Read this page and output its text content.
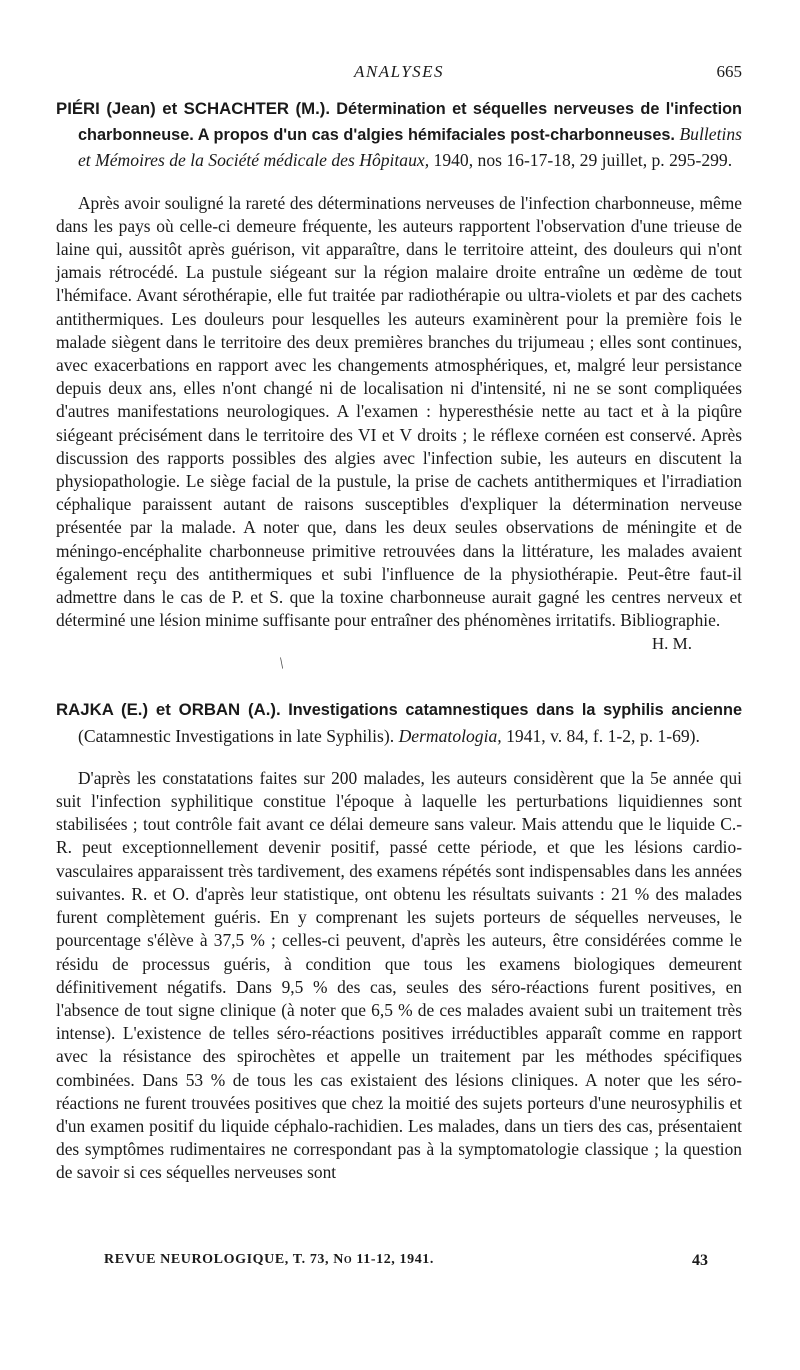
ANALYSES	665
PIÉRI (Jean) et SCHACHTER (M.). Détermination et séquelles nerveuses de l'infection charbonneuse. A propos d'un cas d'algies hémifaciales post-charbonneuses. Bulletins et Mémoires de la Société médicale des Hôpitaux, 1940, nos 16-17-18, 29 juillet, p. 295-299.

Après avoir souligné la rareté des déterminations nerveuses de l'infection charbonneuse, même dans les pays où celle-ci demeure fréquente, les auteurs rapportent l'observation d'une trieuse de laine qui, aussitôt après guérison, vit apparaître, dans le territoire atteint, des douleurs qui n'ont jamais rétrocédé. La pustule siégeant sur la région malaire droite entraîne un œdème de tout l'hémiface. Avant sérothérapie, elle fut traitée par radiothérapie ou ultra-violets et par des cachets antithermiques. Les douleurs pour lesquelles les auteurs examinèrent pour la première fois le malade siègent dans le territoire des deux premières branches du trijumeau ; elles sont continues, avec exacerbations en rapport avec les changements atmosphériques, et, malgré leur persistance depuis deux ans, elles n'ont changé ni de localisation ni d'intensité, ni ne se sont compliquées d'autres manifestations neurologiques. A l'examen : hyperesthésie nette au tact et à la piqûre siégeant précisément dans le territoire des VI et V droits ; le réflexe cornéen est conservé. Après discussion des rapports possibles des algies avec l'infection subie, les auteurs en discutent la physiopathologie. Le siège facial de la pustule, la prise de cachets antithermiques et l'irradiation céphalique paraissent autant de raisons susceptibles d'expliquer la détermination nerveuse présentée par la malade. A noter que, dans les deux seules observations de méningite et de méningo-encéphalite charbonneuse primitive retrouvées dans la littérature, les malades avaient également reçu des antithermiques et subi l'influence de la physiothérapie. Peut-être faut-il admettre dans le cas de P. et S. que la toxine charbonneuse aurait gagné les centres nerveux et déterminé une lésion minime suffisante pour entraîner des phénomènes irritatifs. Bibliographie.

H. M.
/
RAJKA (E.) et ORBAN (A.). Investigations catamnestiques dans la syphilis ancienne (Catamnestic Investigations in late Syphilis). Dermatologia, 1941, v. 84, f. 1-2, p. 1-69).

D'après les constatations faites sur 200 malades, les auteurs considèrent que la 5e année qui suit l'infection syphilitique constitue l'époque à laquelle les perturbations liquidiennes sont stabilisées ; tout contrôle fait avant ce délai demeure sans valeur. Mais attendu que le liquide C.-R. peut exceptionnellement devenir positif, passé cette période, et que les lésions cardio-vasculaires apparaissent très tardivement, des examens répétés sont indispensables dans les années suivantes. R. et O. d'après leur statistique, ont obtenu les résultats suivants : 21 % des malades furent complètement guéris. En y comprenant les sujets porteurs de séquelles nerveuses, le pourcentage s'élève à 37,5 % ; celles-ci peuvent, d'après les auteurs, être considérées comme le résidu de processus guéris, à condition que tous les examens biologiques demeurent définitivement négatifs. Dans 9,5 % des cas, seules des séro-réactions furent positives, en l'absence de tout signe clinique (à noter que 6,5 % de ces malades avaient subi un traitement très intense). L'existence de telles séro-réactions positives irréductibles apparaît comme en rapport avec la résistance des spirochètes et appelle un traitement par les méthodes spécifiques combinées. Dans 53 % de tous les cas existaient des lésions cliniques. A noter que les séro-réactions ne furent trouvées positives que chez la moitié des sujets porteurs d'une neurosyphilis et d'un examen positif du liquide céphalo-rachidien. Les malades, dans un tiers des cas, présentaient des symptômes rudimentaires ne correspondant pas à la symptomatologie classique ; la question de savoir si ces séquelles nerveuses sont

REVUE NEUROLOGIQUE, T. 73, No 11-12, 1941.	43
